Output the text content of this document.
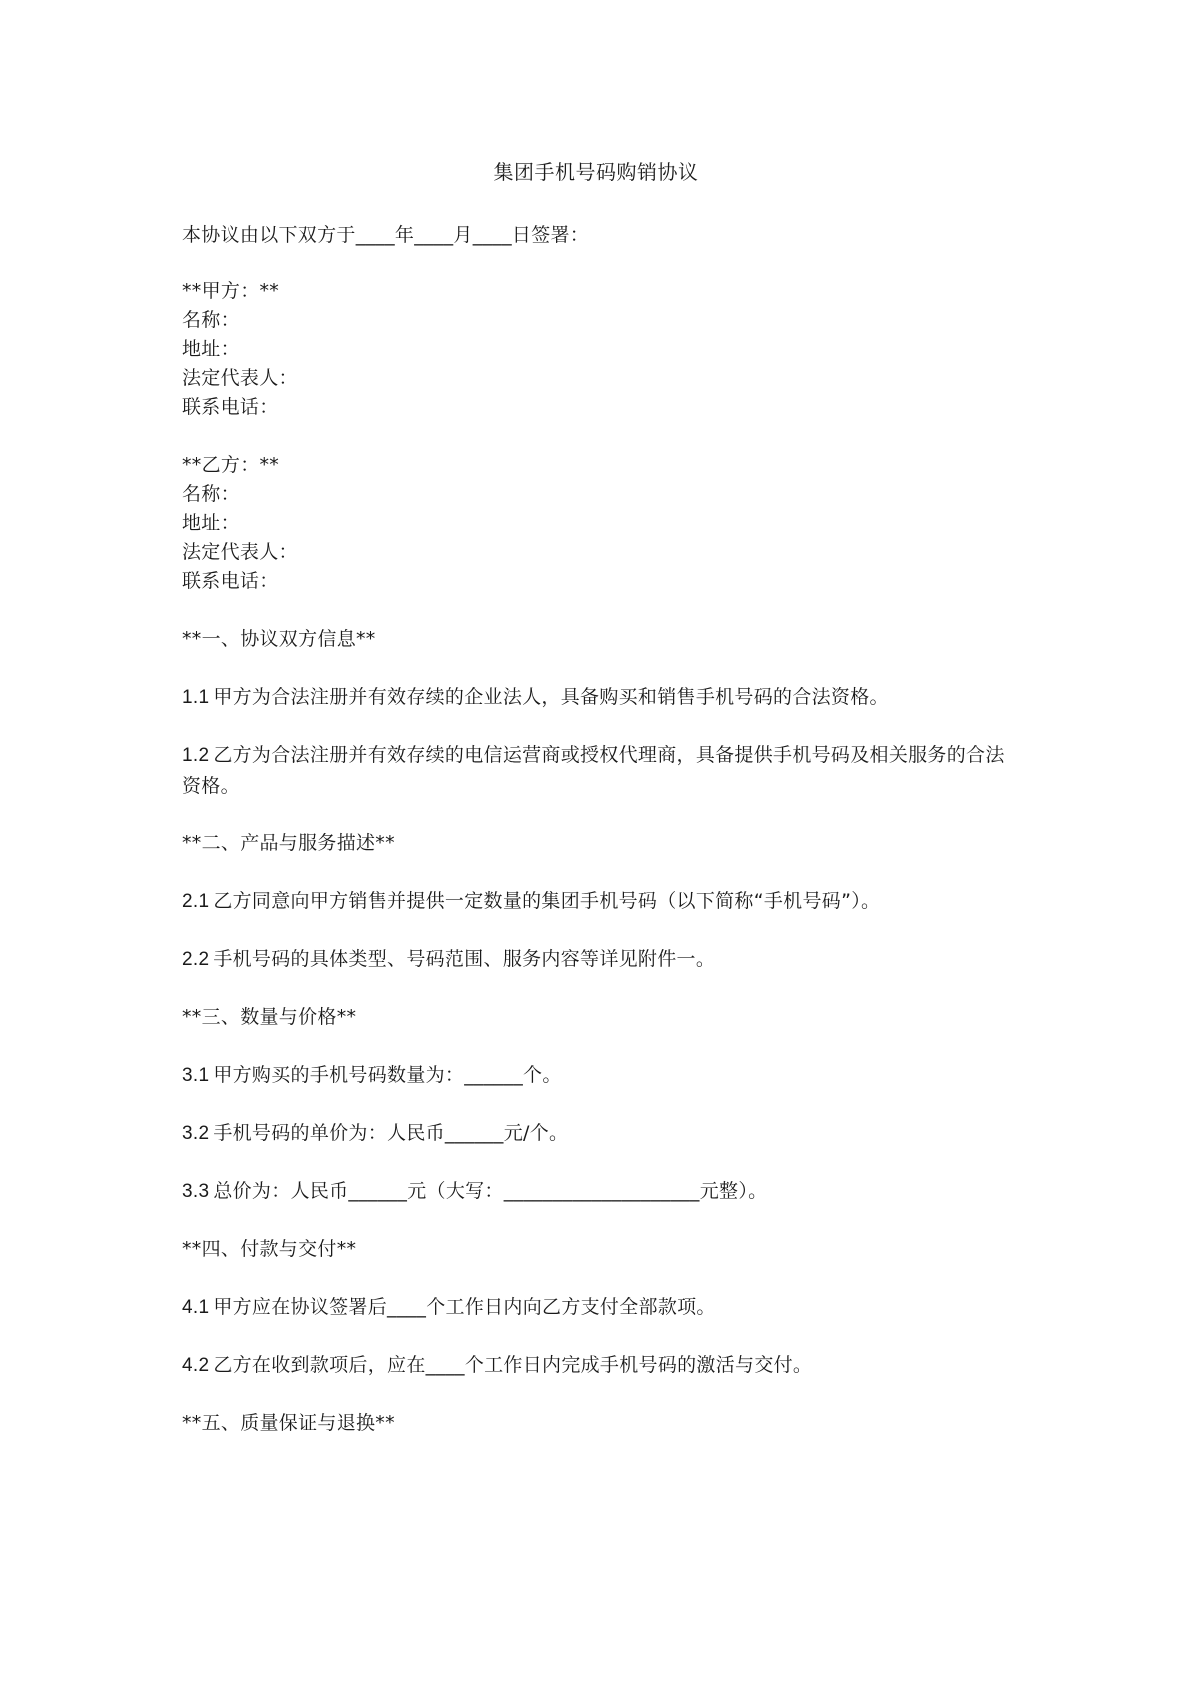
集团手机号码购销协议
本协议由以下双方于____年____月____日签署：
**甲方：**
名称：
地址：
法定代表人：
联系电话：
**乙方：**
名称：
地址：
法定代表人：
联系电话：
**一、协议双方信息**
1.1 甲方为合法注册并有效存续的企业法人，具备购买和销售手机号码的合法资格。
1.2 乙方为合法注册并有效存续的电信运营商或授权代理商，具备提供手机号码及相关服务的合法资格。
**二、产品与服务描述**
2.1 乙方同意向甲方销售并提供一定数量的集团手机号码（以下简称“手机号码”）。
2.2 手机号码的具体类型、号码范围、服务内容等详见附件一。
**三、数量与价格**
3.1 甲方购买的手机号码数量为：______个。
3.2 手机号码的单价为：人民币______元/个。
3.3 总价为：人民币______元（大写：____________________元整）。
**四、付款与交付**
4.1 甲方应在协议签署后____个工作日内向乙方支付全部款项。
4.2 乙方在收到款项后，应在____个工作日内完成手机号码的激活与交付。
**五、质量保证与退换**
